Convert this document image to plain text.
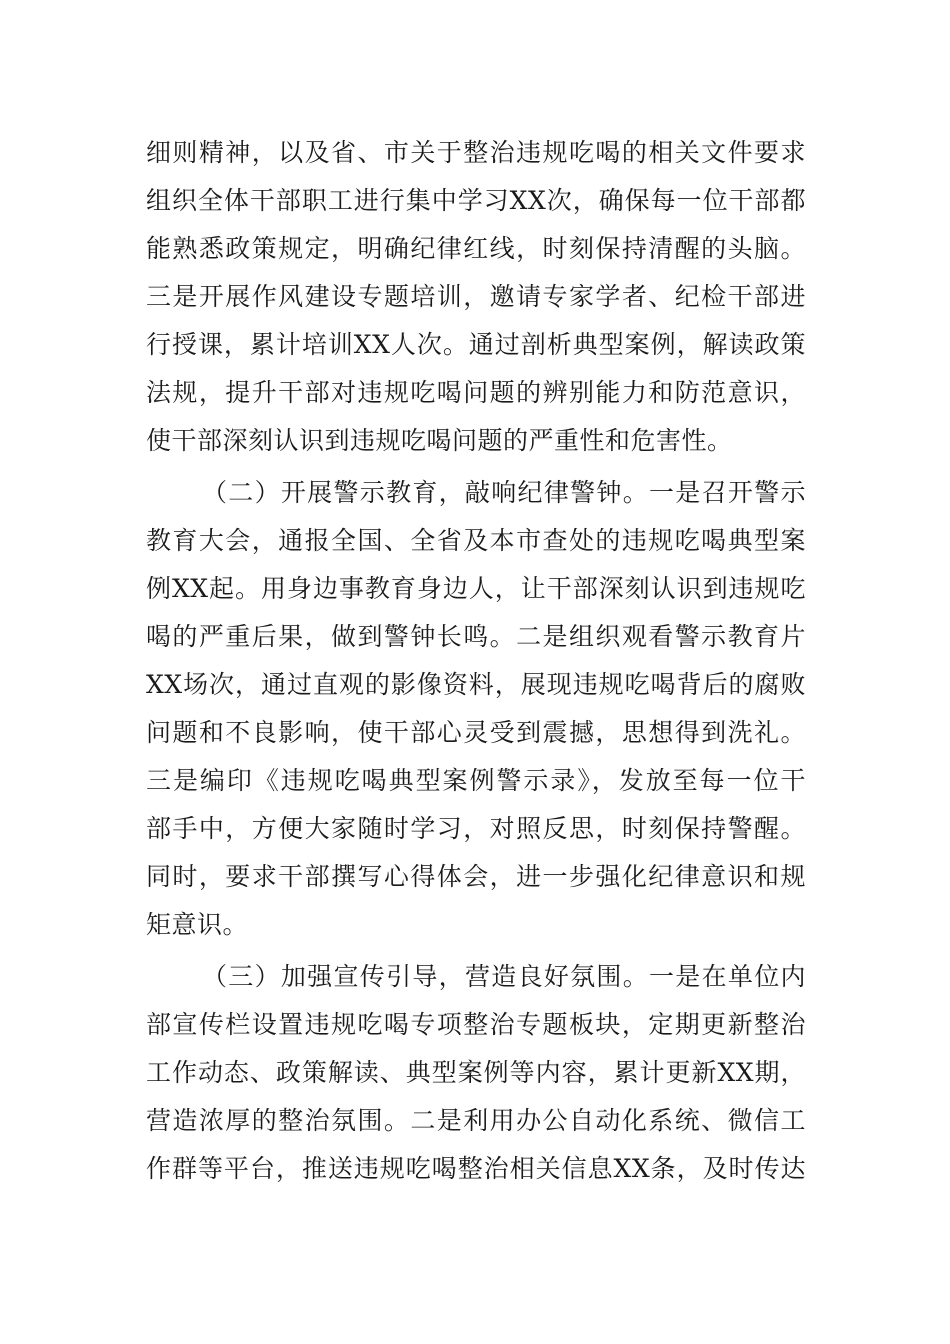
细则精神，以及省、市关于整治违规吃喝的相关文件要求
组织全体干部职工进行集中学习XX次，确保每一位干部都
能熟悉政策规定，明确纪律红线，时刻保持清醒的头脑。
三是开展作风建设专题培训，邀请专家学者、纪检干部进
行授课，累计培训XX人次。通过剖析典型案例，解读政策
法规，提升干部对违规吃喝问题的辨别能力和防范意识，
使干部深刻认识到违规吃喝问题的严重性和危害性。
（二）开展警示教育，敲响纪律警钟。一是召开警示
教育大会，通报全国、全省及本市查处的违规吃喝典型案
例XX起。用身边事教育身边人，让干部深刻认识到违规吃
喝的严重后果，做到警钟长鸣。二是组织观看警示教育片
XX场次，通过直观的影像资料，展现违规吃喝背后的腐败
问题和不良影响，使干部心灵受到震撼，思想得到洗礼。
三是编印《违规吃喝典型案例警示录》，发放至每一位干
部手中，方便大家随时学习，对照反思，时刻保持警醒。
同时，要求干部撰写心得体会，进一步强化纪律意识和规
矩意识。
（三）加强宣传引导，营造良好氛围。一是在单位内
部宣传栏设置违规吃喝专项整治专题板块，定期更新整治
工作动态、政策解读、典型案例等内容，累计更新XX期，
营造浓厚的整治氛围。二是利用办公自动化系统、微信工
作群等平台，推送违规吃喝整治相关信息XX条，及时传达
